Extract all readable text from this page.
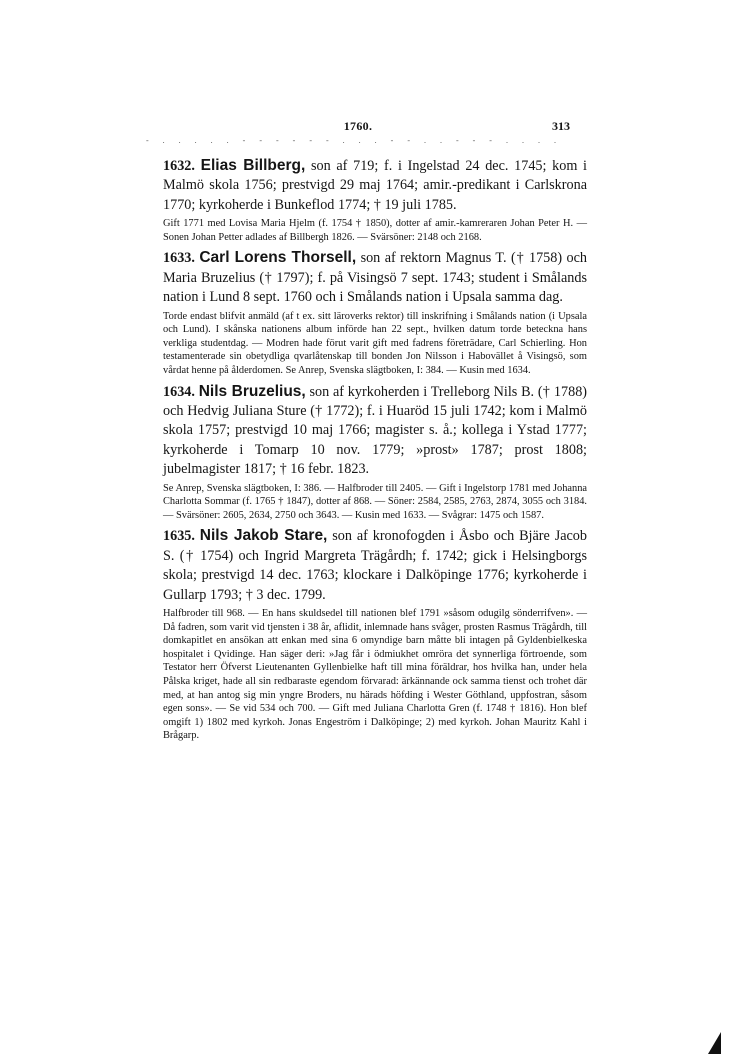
1760.	313
- . . . . . - - - - - - . . . - - . . - - - . . . .

1632. Elias Billberg, son af 719; f. i Ingelstad 24 dec. 1745; kom i Malmö skola 1756; prestvigd 29 maj 1764; amir.-predikant i Carlskrona 1770; kyrkoherde i Bunkeflod 1774; † 19 juli 1785.

Gift 1771 med Lovisa Maria Hjelm (f. 1754 † 1850), dotter af amir.-kamreraren Johan Peter H. — Sonen Johan Petter adlades af Billbergh 1826. — Svärsöner: 2148 och 2168.

1633. Carl Lorens Thorsell, son af rektorn Magnus T. († 1758) och Maria Bruzelius († 1797); f. på Visingsö 7 sept. 1743; student i Smålands nation i Lund 8 sept. 1760 och i Smålands nation i Upsala samma dag.

Torde endast blifvit anmäld (af t ex. sitt läroverks rektor) till inskrifning i Smålands nation (i Upsala och Lund). I skånska nationens album införde han 22 sept., hvilken datum torde beteckna hans verkliga studentdag. — Modren hade förut varit gift med fadrens företrädare, Carl Schierling. Hon testamenterade sin obetydliga qvarlåtenskap till bonden Jon Nilsson i Habovället å Visingsö, som vårdat henne på ålderdomen. Se Anrep, Svenska slägtboken, I: 384. — Kusin med 1634.

1634. Nils Bruzelius, son af kyrkoherden i Trelleborg Nils B. († 1788) och Hedvig Juliana Sture († 1772); f. i Huaröd 15 juli 1742; kom i Malmö skola 1757; prestvigd 10 maj 1766; magister s. å.; kollega i Ystad 1777; kyrkoherde i Tomarp 10 nov. 1779; »prost» 1787; prost 1808; jubelmagister 1817; † 16 febr. 1823.

Se Anrep, Svenska slägtboken, I: 386. — Halfbroder till 2405. — Gift i Ingelstorp 1781 med Johanna Charlotta Sommar (f. 1765 † 1847), dotter af 868. — Söner: 2584, 2585, 2763, 2874, 3055 och 3184. — Svärsöner: 2605, 2634, 2750 och 3643. — Kusin med 1633. — Svågrar: 1475 och 1587.

1635. Nils Jakob Stare, son af kronofogden i Åsbo och Bjäre Jacob S. († 1754) och Ingrid Margreta Trägårdh; f. 1742; gick i Helsingborgs skola; prestvigd 14 dec. 1763; klockare i Dalköpinge 1776; kyrkoherde i Gullarp 1793; † 3 dec. 1799.

Halfbroder till 968. — En hans skuldsedel till nationen blef 1791 »såsom odugilg sönderrifven». — Då fadren, som varit vid tjensten i 38 år, aflidit, inlemnade hans svåger, prosten Rasmus Trägårdh, till domkapitlet en ansökan att enkan med sina 6 omyndige barn måtte bli intagen på Gyldenbielkeska hospitalet i Qvidinge. Han säger deri: »Jag får i ödmiukhet omröra det synnerliga förtroende, som Testator herr Öfverst Lieutenanten Gyllenbielke haft till mina föräldrar, hos hvilka han, under hela Pålska kriget, hade all sin redbaraste egendom förvarad: ärkännande ock samma tienst och trohet där med, at han antog sig min yngre Broders, nu härads höfding i Wester Göthland, uppfostran, såsom egen sons». — Se vid 534 och 700. — Gift med Juliana Charlotta Gren (f. 1748 † 1816). Hon blef omgift 1) 1802 med kyrkoh. Jonas Engeström i Dalköpinge; 2) med kyrkoh. Johan Mauritz Kahl i Brågarp.
